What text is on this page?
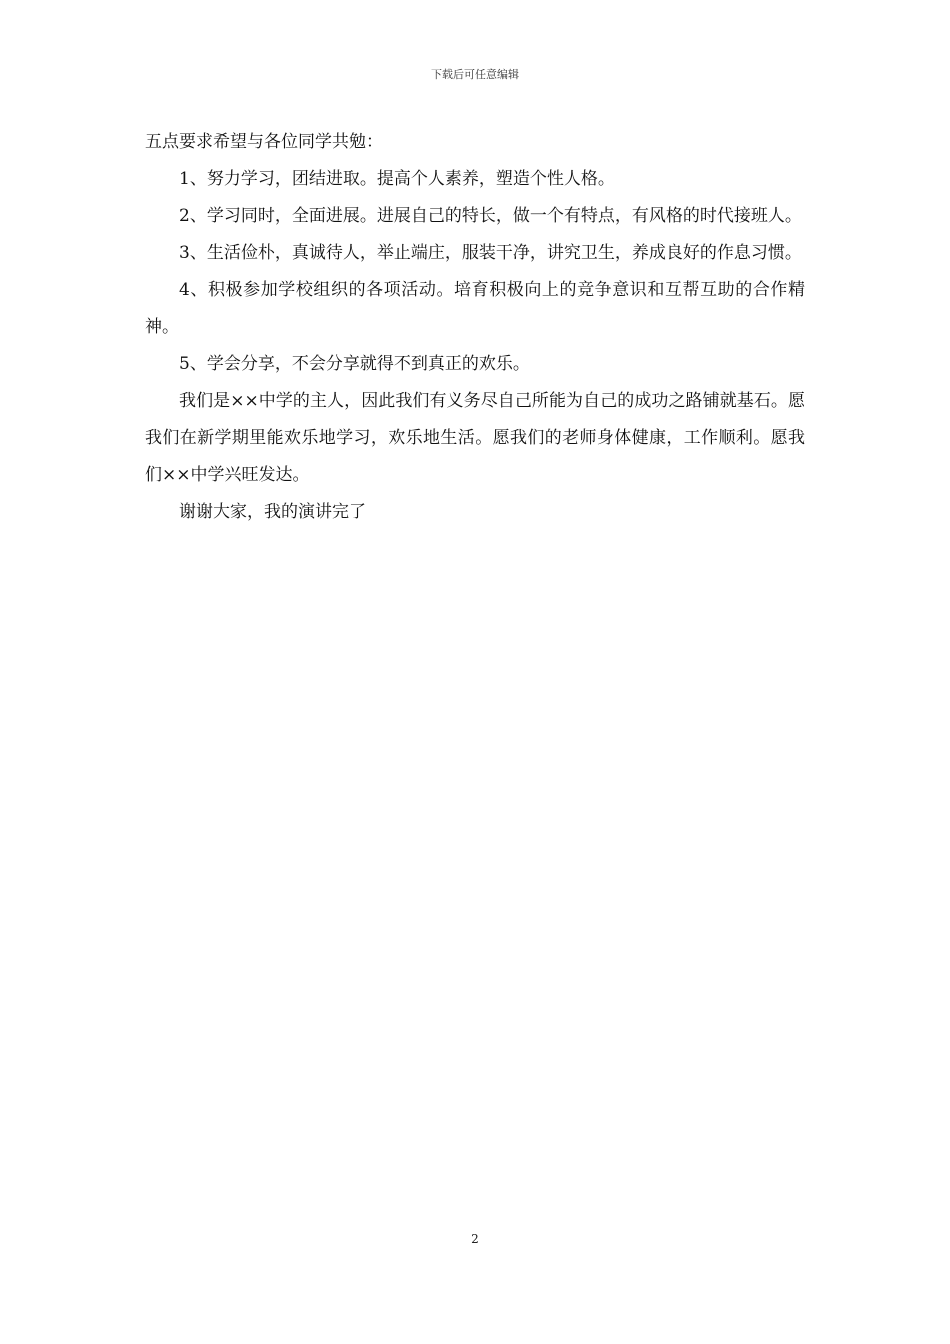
下载后可任意编辑

五点要求希望与各位同学共勉：

1、努力学习，团结进取。提高个人素养，塑造个性人格。

2、学习同时，全面进展。进展自己的特长，做一个有特点，有风格的时代接班人。

3、生活俭朴，真诚待人，举止端庄，服装干净，讲究卫生，养成良好的作息习惯。

4、积极参加学校组织的各项活动。培育积极向上的竞争意识和互帮互助的合作精神。

5、学会分享，不会分享就得不到真正的欢乐。

我们是××中学的主人，因此我们有义务尽自己所能为自己的成功之路铺就基石。愿我们在新学期里能欢乐地学习，欢乐地生活。愿我们的老师身体健康，工作顺利。愿我们××中学兴旺发达。

谢谢大家，我的演讲完了

2
